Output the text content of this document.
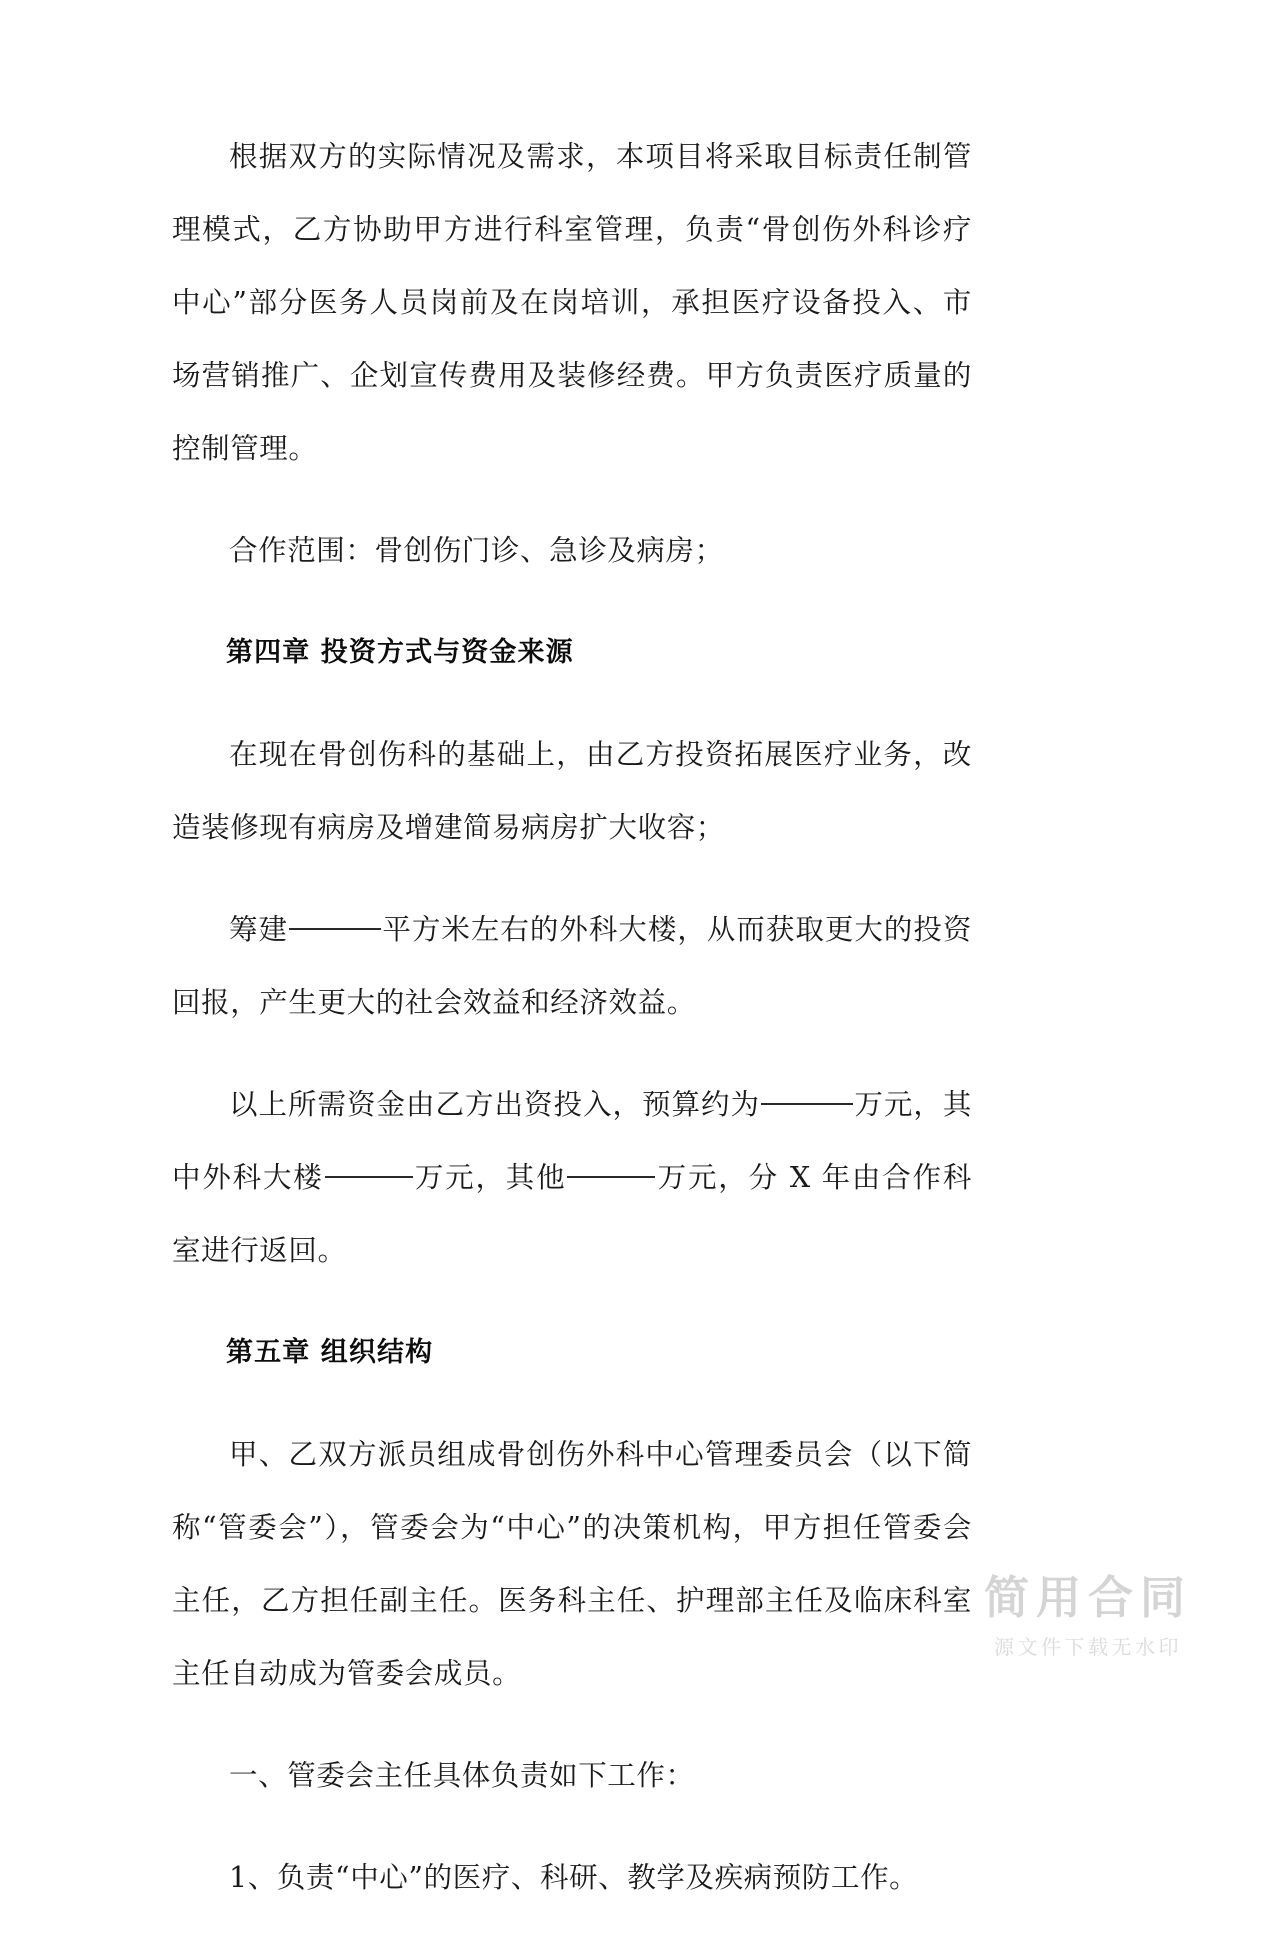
根据双方的实际情况及需求，本项目将采取目标责任制管理模式，乙方协助甲方进行科室管理，负责“骨创伤外科诊疗中心”部分医务人员岗前及在岗培训，承担医疗设备投入、市场营销推广、企划宣传费用及装修经费。甲方负责医疗质量的控制管理。

合作范围：骨创伤门诊、急诊及病房；

第四章 投资方式与资金来源

在现在骨创伤科的基础上，由乙方投资拓展医疗业务，改造装修现有病房及增建简易病房扩大收容；

筹建	平方米左右的外科大楼，从而获取更大的投资回报，产生更大的社会效益和经济效益。

以上所需资金由乙方出资投入，预算约为	万元，其中外科大楼	万元，其他	万元，分 X 年由合作科室进行返回。

第五章 组织结构

甲、乙双方派员组成骨创伤外科中心管理委员会（以下简称“管委会”），管委会为“中心”的决策机构，甲方担任管委会主任，乙方担任副主任。医务科主任、护理部主任及临床科室主任自动成为管委会成员。

一、管委会主任具体负责如下工作：

1、负责“中心”的医疗、科研、教学及疾病预防工作。

简用合同
源文件下载无水印
